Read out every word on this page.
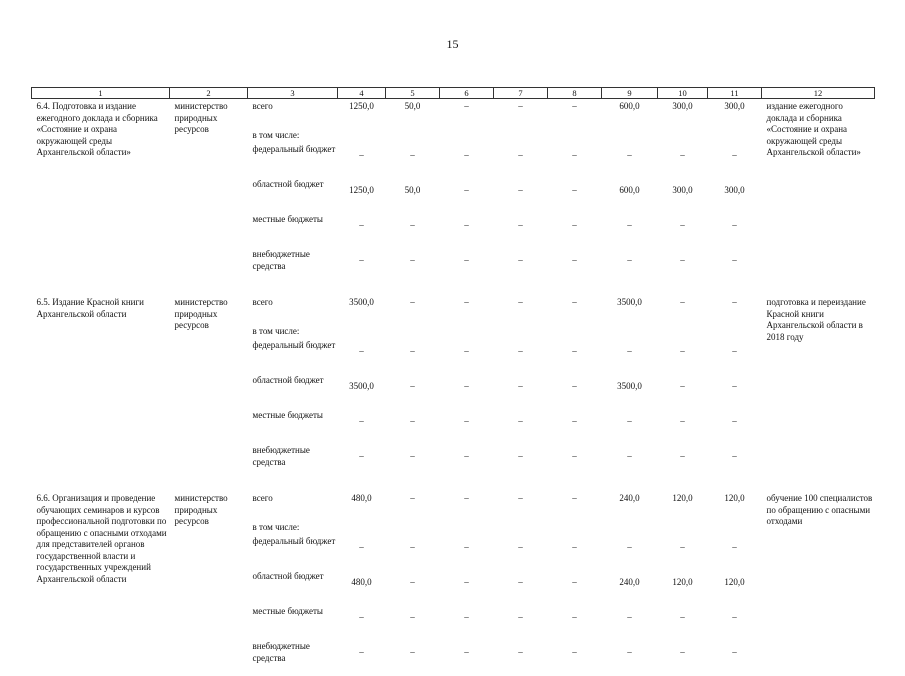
15
1	2	3	4	5	6	7	8	9	10	11	12
6.4. Подготовка и издание ежегодного доклада и сборника «Состояние и охрана окружающей среды Архангельской области»	министерство природных ресурсов	всего	1250,0	50,0	–	–	–	600,0	300,0	300,0	издание ежегодного доклада и сборника «Состояние и охрана окружающей среды Архангельской области»
		в том числе:									
		федеральный бюджет	–	–	–	–	–	–	–	–	
		областной бюджет	1250,0	50,0	–	–	–	600,0	300,0	300,0	
		местные бюджеты	–	–	–	–	–	–	–	–	
		внебюджетные средства	–	–	–	–	–	–	–	–	

6.5. Издание Красной книги Архангельской области	министерство природных ресурсов	всего	3500,0	–	–	–	–	3500,0	–	–	подготовка и переиздание Красной книги Архангельской области в 2018 году
		в том числе:									
		федеральный бюджет	–	–	–	–	–	–	–	–	
		областной бюджет	3500,0	–	–	–	–	3500,0	–	–	
		местные бюджеты	–	–	–	–	–	–	–	–	
		внебюджетные средства	–	–	–	–	–	–	–	–	

6.6. Организация и проведение обучающих семинаров и курсов профессиональной подготовки по обращению с опасными отходами для представителей органов государственной власти и государственных учреждений Архангельской области	министерство природных ресурсов	всего	480,0	–	–	–	–	240,0	120,0	120,0	обучение 100 специалистов по обращению с опасными отходами
		в том числе:									
		федеральный бюджет	–	–	–	–	–	–	–	–	
		областной бюджет	480,0	–	–	–	–	240,0	120,0	120,0	
		местные бюджеты	–	–	–	–	–	–	–	–	
		внебюджетные средства	–	–	–	–	–	–	–	–	
